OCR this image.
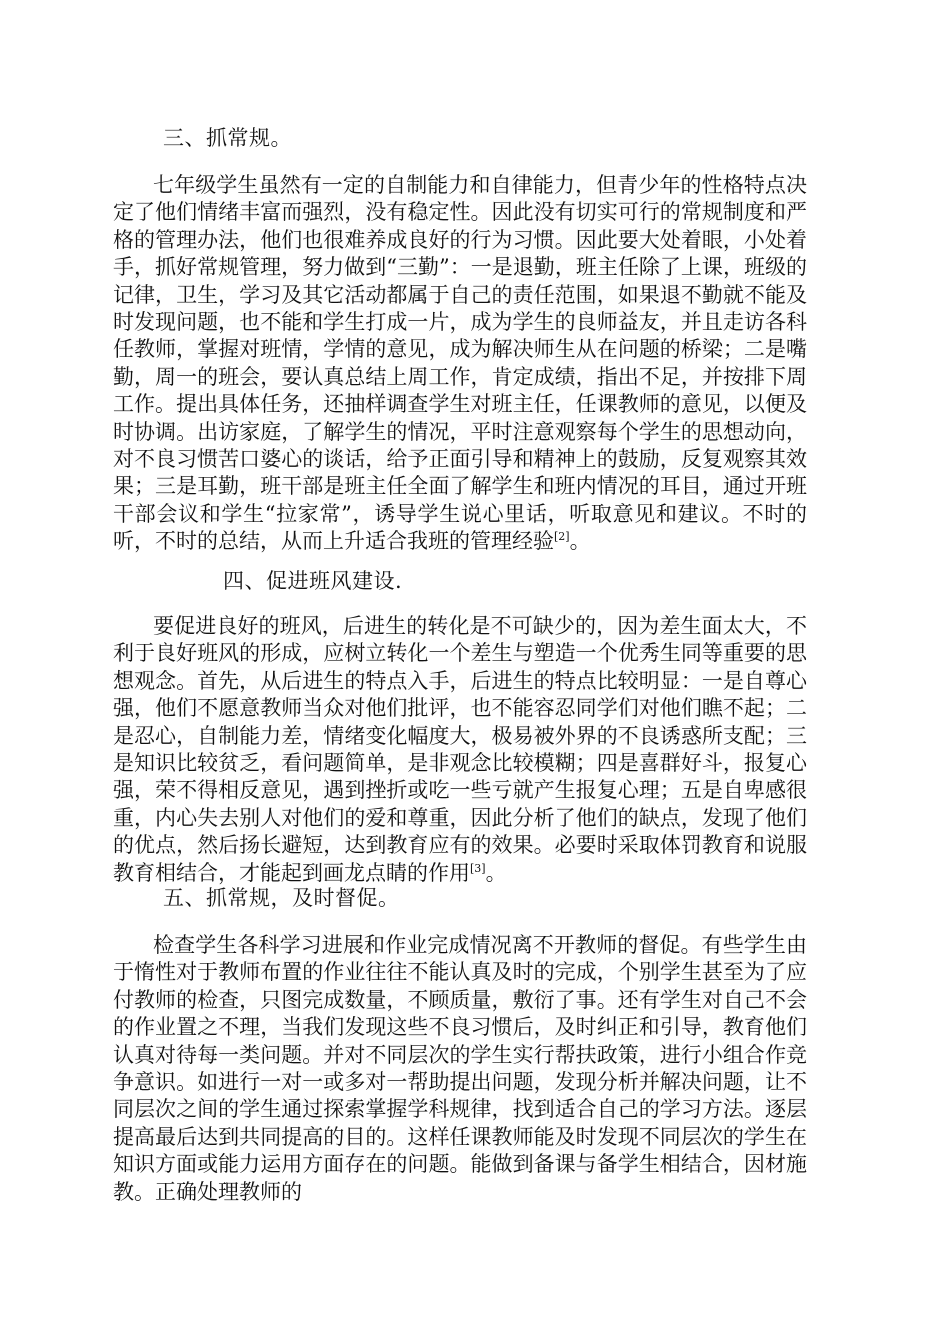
三、抓常规。

七年级学生虽然有一定的自制能力和自律能力，但青少年的性格特点决定了他们情绪丰富而强烈，没有稳定性。因此没有切实可行的常规制度和严格的管理办法，他们也很难养成良好的行为习惯。因此要大处着眼，小处着手，抓好常规管理，努力做到“三勤”：一是退勤，班主任除了上课，班级的记律，卫生，学习及其它活动都属于自己的责任范围，如果退不勤就不能及时发现问题，也不能和学生打成一片，成为学生的良师益友，并且走访各科任教师，掌握对班情，学情的意见，成为解决师生从在问题的桥梁；二是嘴勤，周一的班会，要认真总结上周工作，肯定成绩，指出不足，并按排下周工作。提出具体任务，还抽样调查学生对班主任，任课教师的意见，以便及时协调。出访家庭，了解学生的情况，平时注意观察每个学生的思想动向，对不良习惯苦口婆心的谈话，给予正面引导和精神上的鼓励，反复观察其效果；三是耳勤，班干部是班主任全面了解学生和班内情况的耳目，通过开班干部会议和学生“拉家常”，诱导学生说心里话，听取意见和建议。不时的听，不时的总结，从而上升适合我班的管理经验[2]。

四、促进班风建设.

要促进良好的班风，后进生的转化是不可缺少的，因为差生面太大，不利于良好班风的形成，应树立转化一个差生与塑造一个优秀生同等重要的思想观念。首先，从后进生的特点入手，后进生的特点比较明显：一是自尊心强，他们不愿意教师当众对他们批评，也不能容忍同学们对他们瞧不起；二是忍心，自制能力差，情绪变化幅度大，极易被外界的不良诱惑所支配；三是知识比较贫乏，看问题简单，是非观念比较模糊；四是喜群好斗，报复心强，荣不得相反意见，遇到挫折或吃一些亏就产生报复心理；五是自卑感很重，内心失去别人对他们的爱和尊重，因此分析了他们的缺点，发现了他们的优点，然后扬长避短，达到教育应有的效果。必要时采取体罚教育和说服教育相结合，才能起到画龙点睛的作用[3]。

五、抓常规，及时督促。

检查学生各科学习进展和作业完成情况离不开教师的督促。有些学生由于惰性对于教师布置的作业往往不能认真及时的完成，个别学生甚至为了应付教师的检查，只图完成数量，不顾质量，敷衍了事。还有学生对自己不会的作业置之不理，当我们发现这些不良习惯后，及时纠正和引导，教育他们认真对待每一类问题。并对不同层次的学生实行帮扶政策，进行小组合作竞争意识。如进行一对一或多对一帮助提出问题，发现分析并解决问题，让不同层次之间的学生通过探索掌握学科规律，找到适合自己的学习方法。逐层提高最后达到共同提高的目的。这样任课教师能及时发现不同层次的学生在知识方面或能力运用方面存在的问题。能做到备课与备学生相结合，因材施教。正确处理教师的
